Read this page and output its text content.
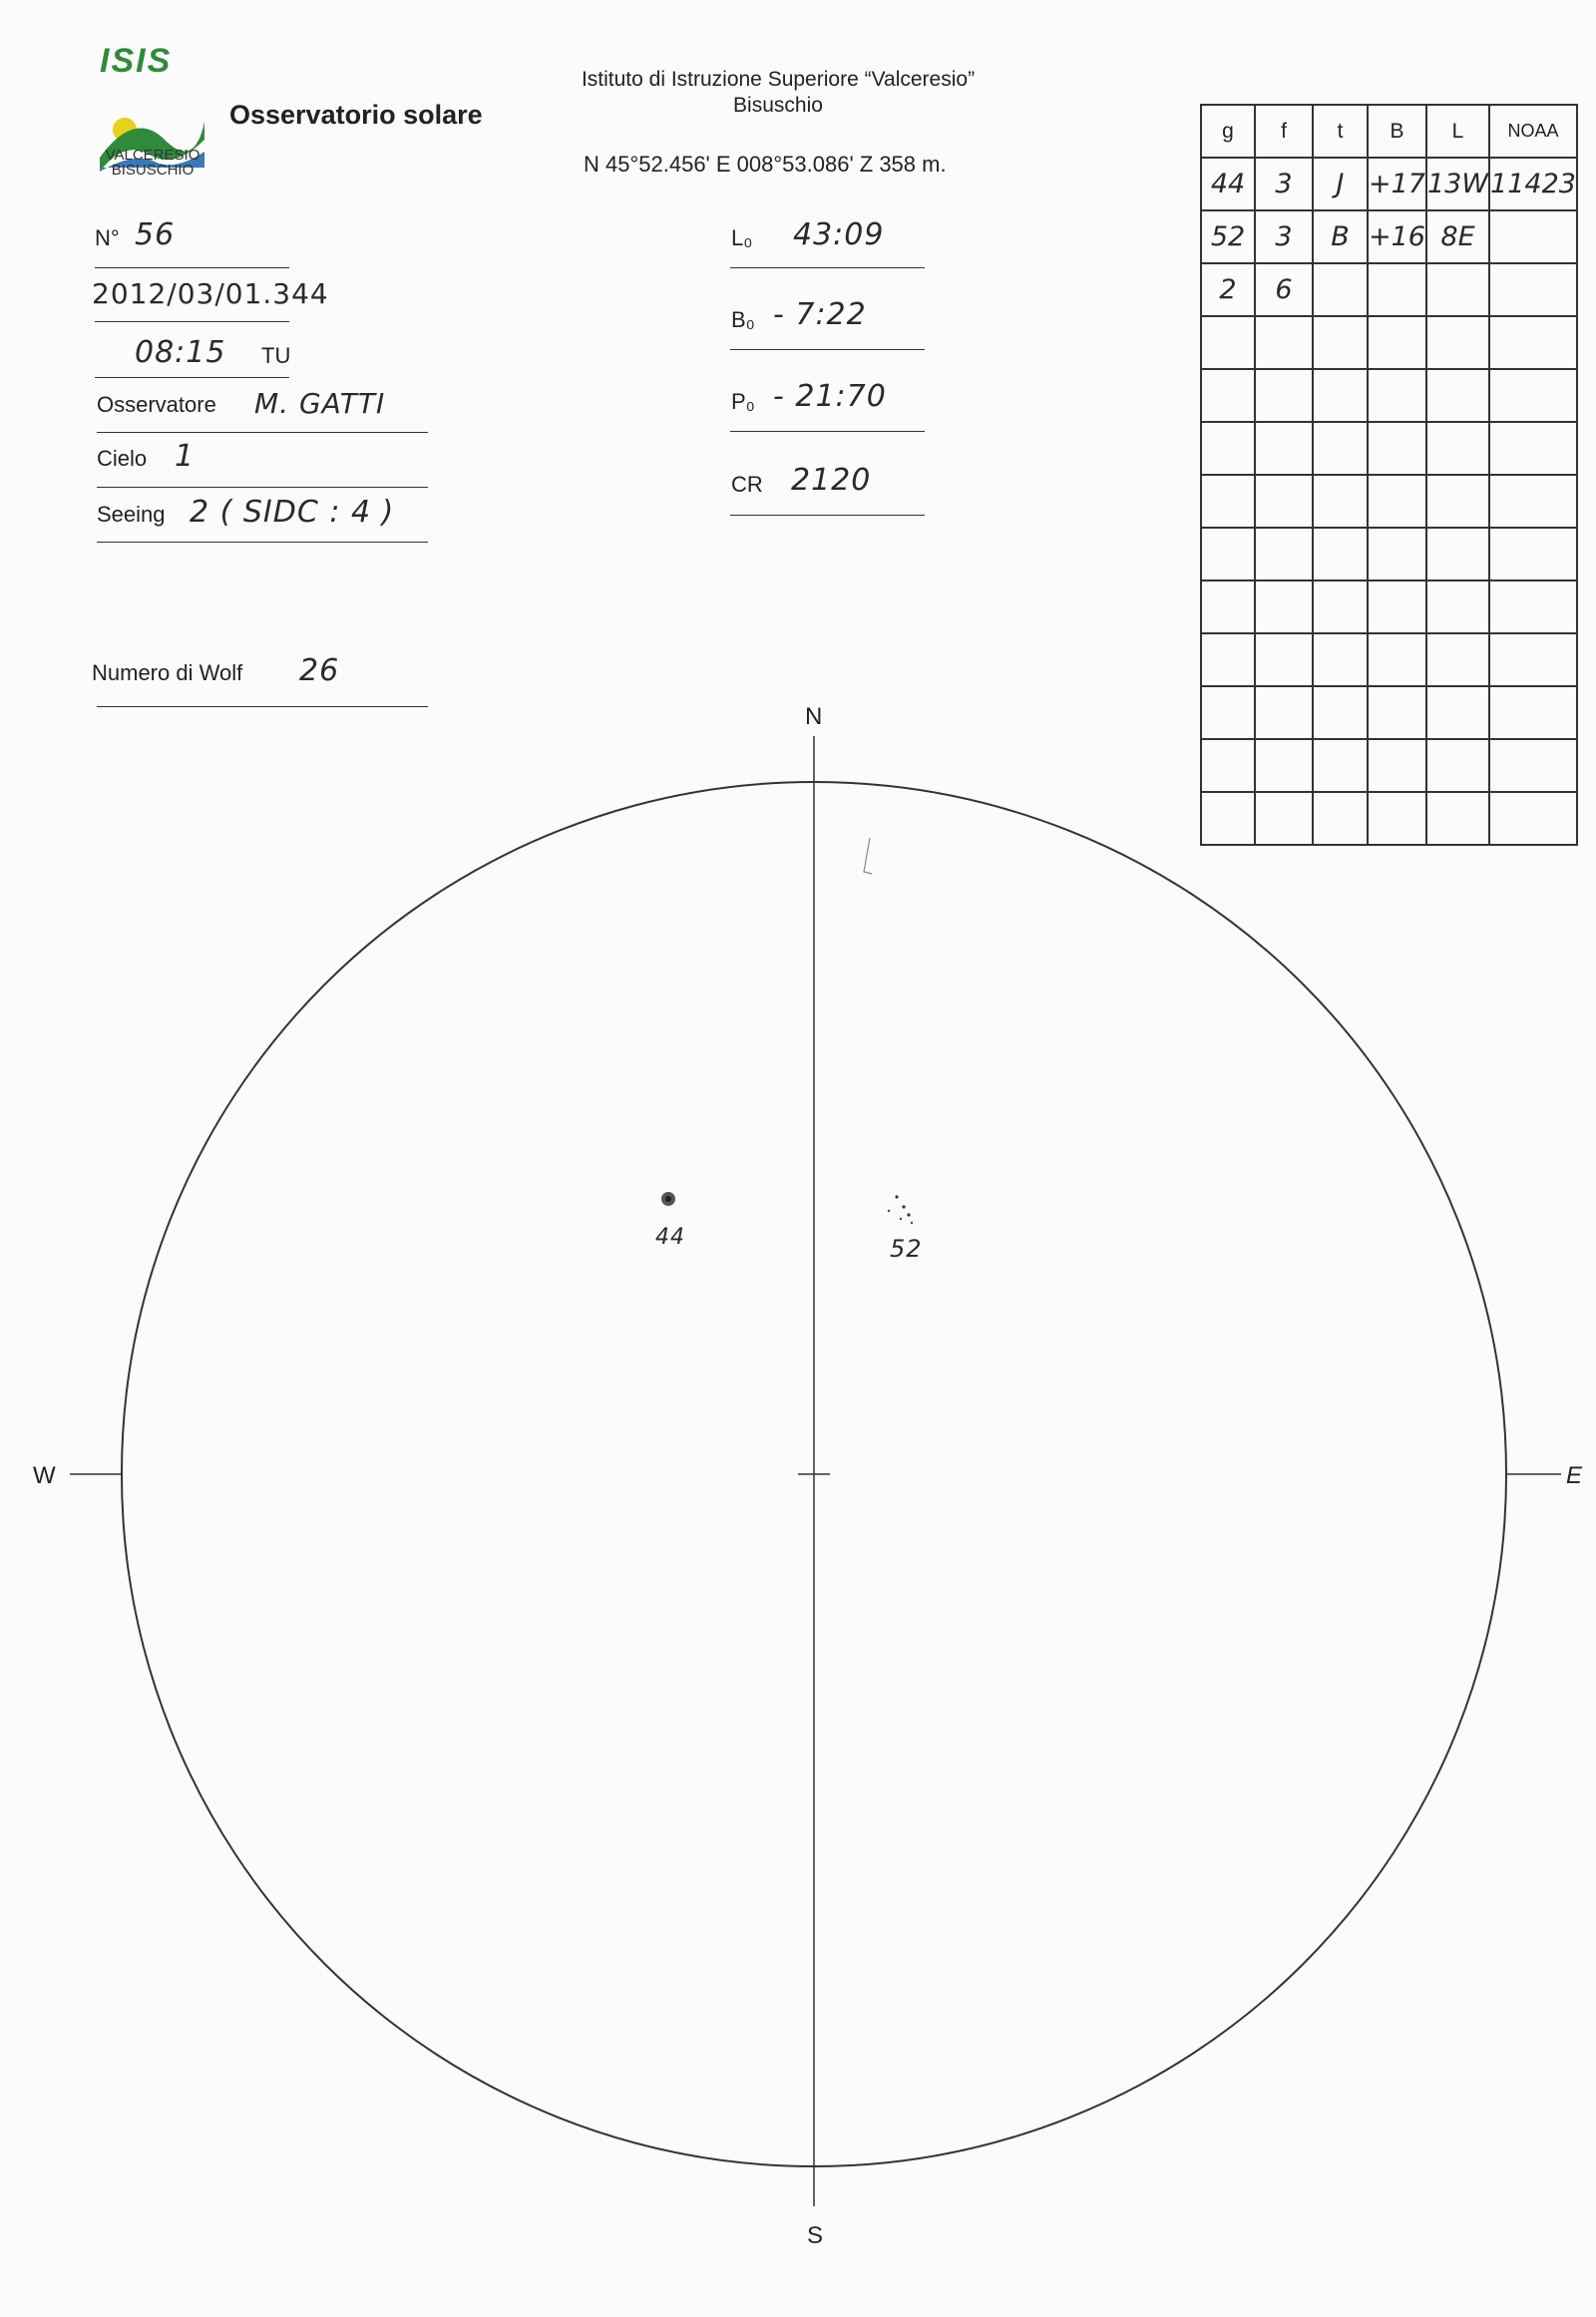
ISIS
VALCERESIO
BISUSCHIO
Osservatorio solare
Istituto di Istruzione Superiore “Valceresio”
Bisuschio
N 45°52.456' E 008°53.086' Z 358 m.
N° 56
2012/03/01.344
08:15 TU
Osservatore M. GATTI
Cielo 1
Seeing 2 ( SIDC : 4 )
Numero di Wolf 26
L₀ 43:09
B₀ - 7:22
P₀ - 21:70
CR 2120
g	f	t	B	L	NOAA
44	3	J	+17	13W	11423
52	3	B	+16	8E	
2	6				

N
S
W	E
44	52
